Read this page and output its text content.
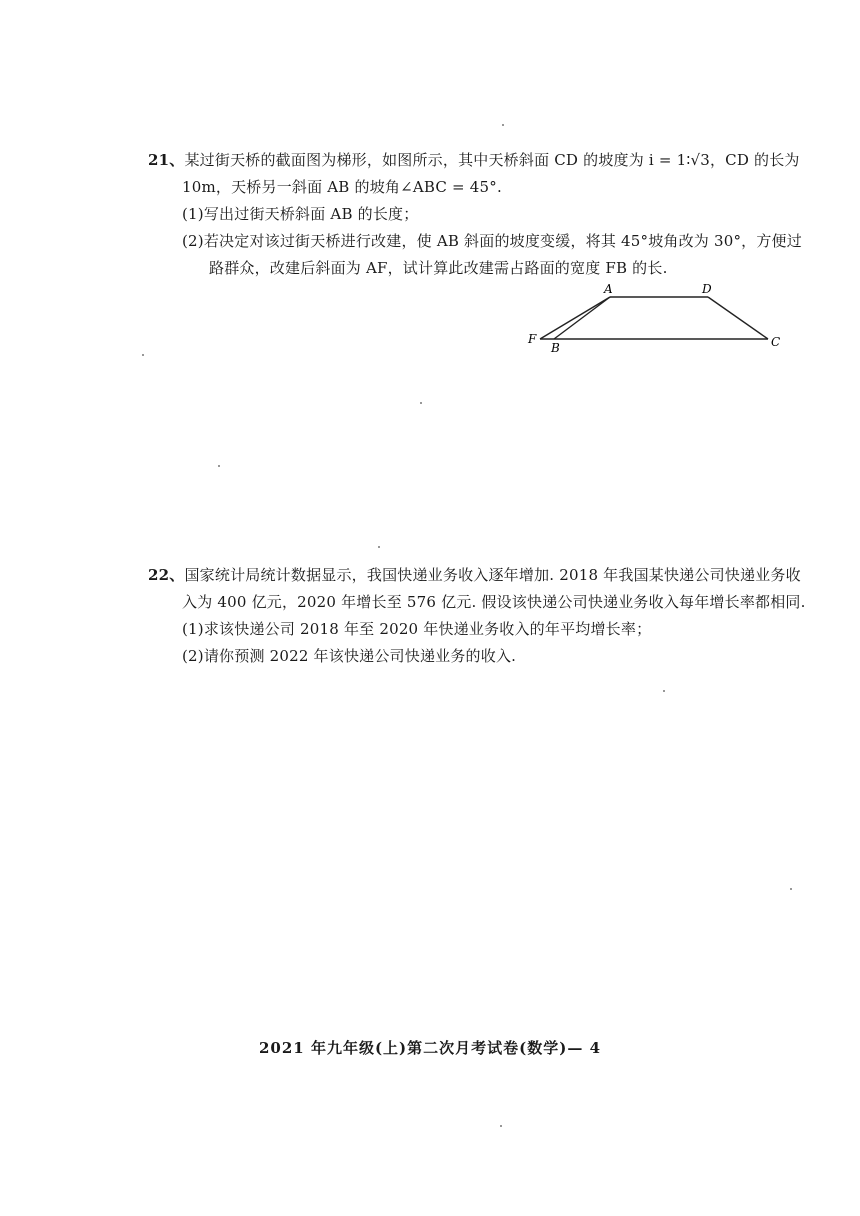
21、某过街天桥的截面图为梯形，如图所示，其中天桥斜面 CD 的坡度为 i = 1∶√3，CD 的长为
10m，天桥另一斜面 AB 的坡角∠ABC = 45°.
(1)写出过街天桥斜面 AB 的长度；
(2)若决定对该过街天桥进行改建，使 AB 斜面的坡度变缓，将其 45°坡角改为 30°，方便过
路群众，改建后斜面为 AF，试计算此改建需占路面的宽度 FB 的长.
A	D
F
B	C
22、国家统计局统计数据显示，我国快递业务收入逐年增加. 2018 年我国某快递公司快递业务收
入为 400 亿元，2020 年增长至 576 亿元. 假设该快递公司快递业务收入每年增长率都相同.
(1)求该快递公司 2018 年至 2020 年快递业务收入的年平均增长率；
(2)请你预测 2022 年该快递公司快递业务的收入.
2021 年九年级(上)第二次月考试卷(数学)— 4
